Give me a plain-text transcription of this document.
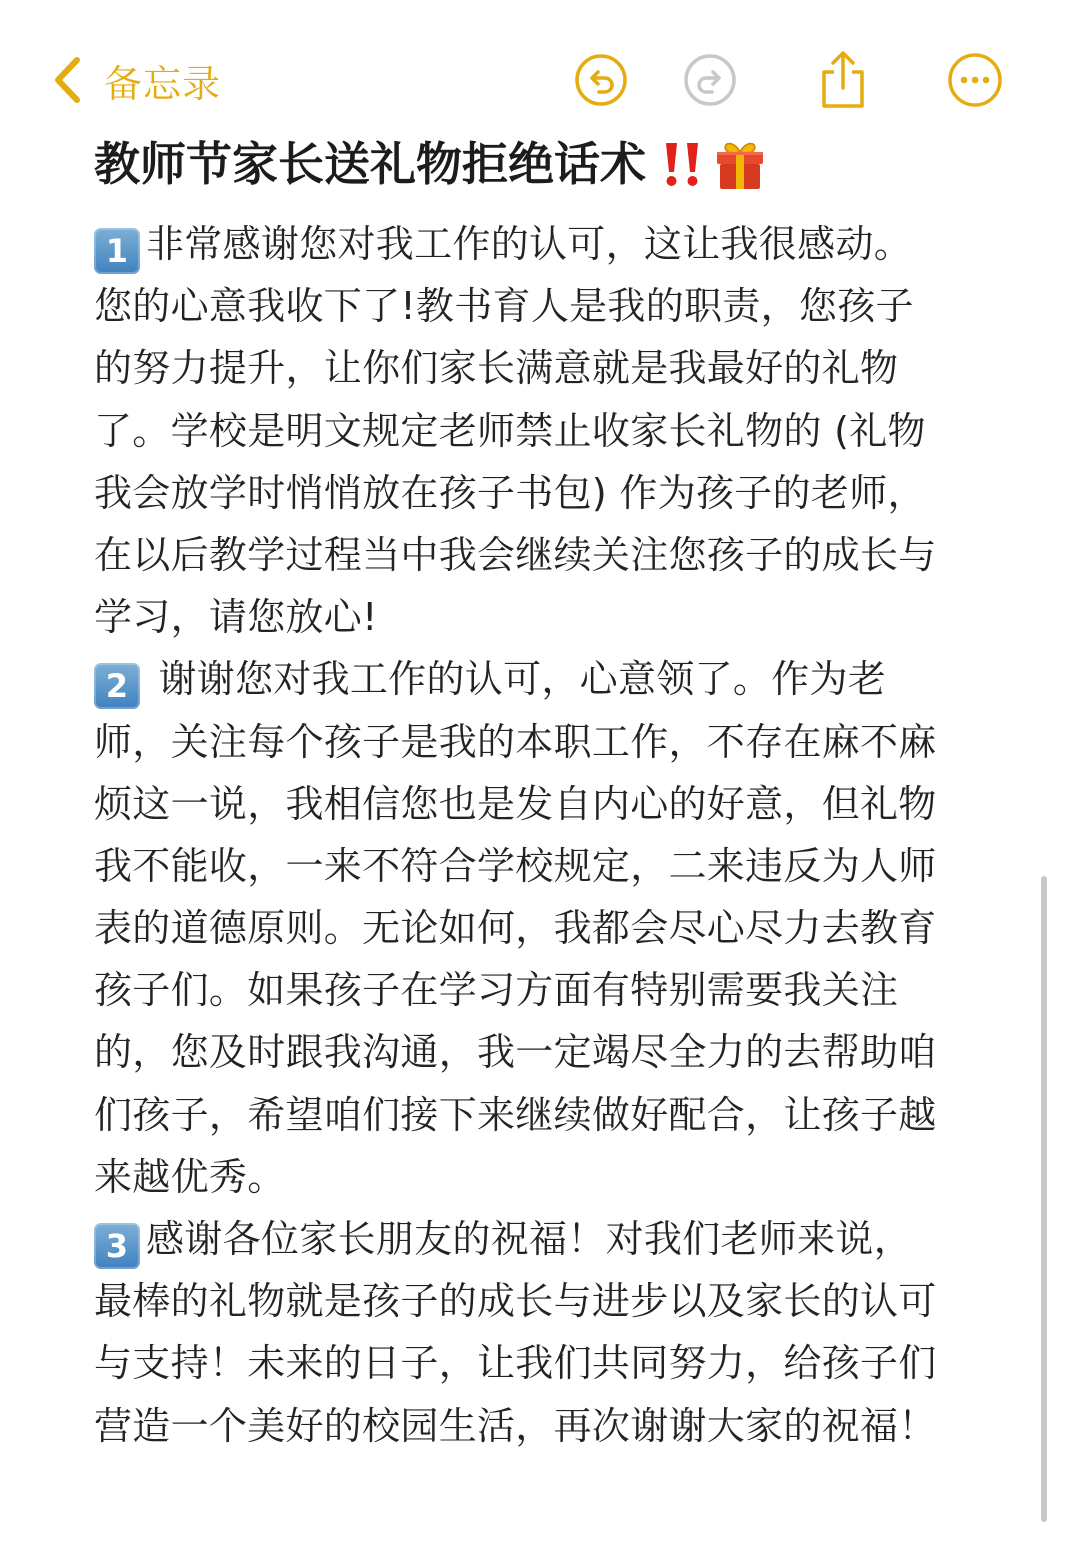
备忘录
教师节家长送礼物拒绝话术
1 非常感谢您对我工作的认可，这让我很感动。
您的心意我收下了!教书育人是我的职责，您孩子
的努力提升，让你们家长满意就是我最好的礼物
了。学校是明文规定老师禁止收家长礼物的 (礼物
我会放学时悄悄放在孩子书包) 作为孩子的老师，
在以后教学过程当中我会继续关注您孩子的成长与
学习，请您放心!
2 谢谢您对我工作的认可，心意领了。作为老
师，关注每个孩子是我的本职工作，不存在麻不麻
烦这一说，我相信您也是发自内心的好意，但礼物
我不能收，一来不符合学校规定，二来违反为人师
表的道德原则。无论如何，我都会尽心尽力去教育
孩子们。如果孩子在学习方面有特别需要我关注
的，您及时跟我沟通，我一定竭尽全力的去帮助咱
们孩子，希望咱们接下来继续做好配合，让孩子越
来越优秀。
3 感谢各位家长朋友的祝福！对我们老师来说，
最棒的礼物就是孩子的成长与进步以及家长的认可
与支持！未来的日子，让我们共同努力，给孩子们
营造一个美好的校园生活，再次谢谢大家的祝福！
